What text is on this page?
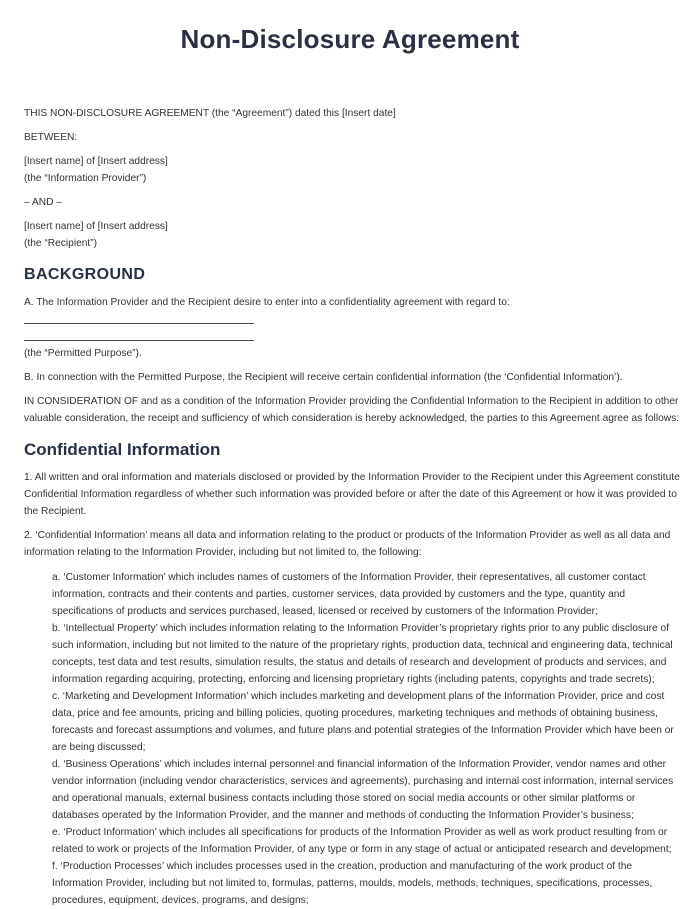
Non-Disclosure Agreement

THIS NON-DISCLOSURE AGREEMENT (the “Agreement”) dated this [Insert date]

BETWEEN:

[Insert name] of [Insert address]

(the “Information Provider”)

– AND –

[Insert name] of [Insert address]

(the “Recipient”)

BACKGROUND

A. The Information Provider and the Recipient desire to enter into a confidentiality agreement with regard to:

(the “Permitted Purpose”).

B. In connection with the Permitted Purpose, the Recipient will receive certain confidential information (the ‘Confidential Information’).

IN CONSIDERATION OF and as a condition of the Information Provider providing the Confidential Information to the Recipient in addition to other valuable consideration, the receipt and sufficiency of which consideration is hereby acknowledged, the parties to this Agreement agree as follows:

Confidential Information

1. All written and oral information and materials disclosed or provided by the Information Provider to the Recipient under this Agreement constitute Confidential Information regardless of whether such information was provided before or after the date of this Agreement or how it was provided to the Recipient.

2. ‘Confidential Information’ means all data and information relating to the product or products of the Information Provider as well as all data and information relating to the Information Provider, including but not limited to, the following:

a. ‘Customer Information’ which includes names of customers of the Information Provider, their representatives, all customer contact information, contracts and their contents and parties, customer services, data provided by customers and the type, quantity and specifications of products and services purchased, leased, licensed or received by customers of the Information Provider;

b. ‘Intellectual Property’ which includes information relating to the Information Provider’s proprietary rights prior to any public disclosure of such information, including but not limited to the nature of the proprietary rights, production data, technical and engineering data, technical concepts, test data and test results, simulation results, the status and details of research and development of products and services, and information regarding acquiring, protecting, enforcing and licensing proprietary rights (including patents, copyrights and trade secrets);

c. ‘Marketing and Development Information’ which includes marketing and development plans of the Information Provider, price and cost data, price and fee amounts, pricing and billing policies, quoting procedures, marketing techniques and methods of obtaining business, forecasts and forecast assumptions and volumes, and future plans and potential strategies of the Information Provider which have been or are being discussed;

d. ‘Business Operations’ which includes internal personnel and financial information of the Information Provider, vendor names and other vendor information (including vendor characteristics, services and agreements), purchasing and internal cost information, internal services and operational manuals, external business contacts including those stored on social media accounts or other similar platforms or databases operated by the Information Provider, and the manner and methods of conducting the Information Provider’s business;

e. ‘Product Information’ which includes all specifications for products of the Information Provider as well as work product resulting from or related to work or projects of the Information Provider, of any type or form in any stage of actual or anticipated research and development;

f. ‘Production Processes’ which includes processes used in the creation, production and manufacturing of the work product of the Information Provider, including but not limited to, formulas, patterns, moulds, models, methods, techniques, specifications, processes, procedures, equipment, devices, programs, and designs;
